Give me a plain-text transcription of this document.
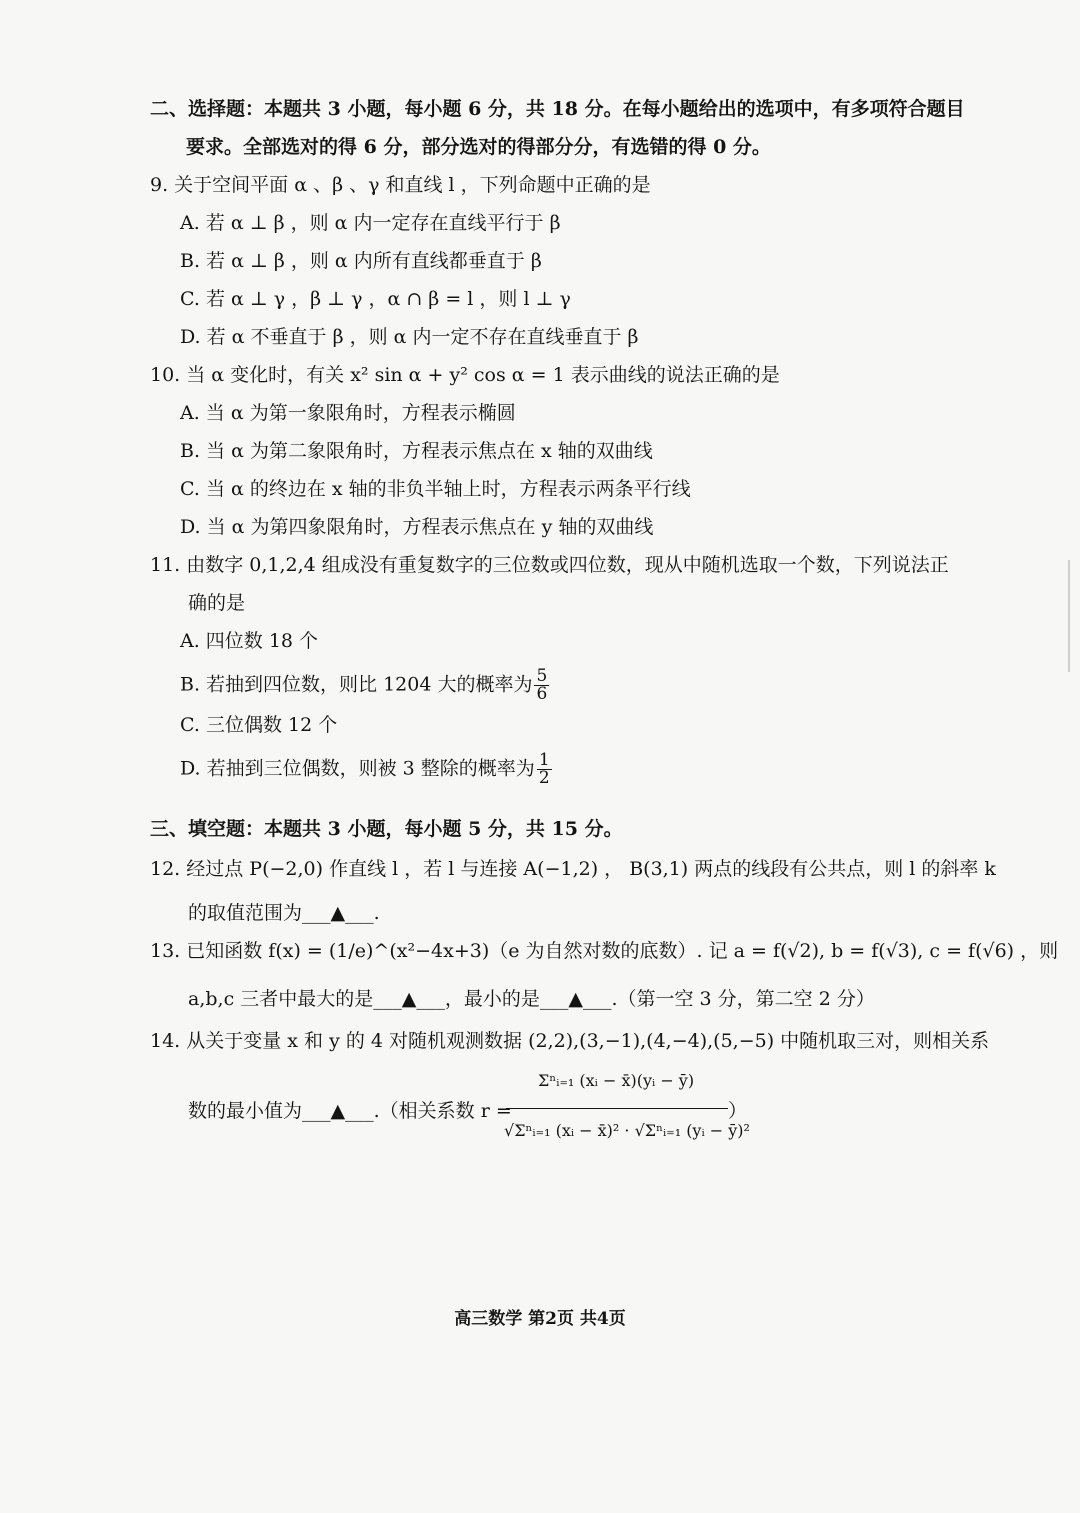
二、选择题：本题共 3 小题，每小题 6 分，共 18 分。在每小题给出的选项中，有多项符合题目
要求。全部选对的得 6 分，部分选对的得部分分，有选错的得 0 分。
9. 关于空间平面 α 、β 、γ 和直线 l ，下列命题中正确的是
A. 若 α ⊥ β ，则 α 内一定存在直线平行于 β
B. 若 α ⊥ β ，则 α 内所有直线都垂直于 β
C. 若 α ⊥ γ ，β ⊥ γ ，α ∩ β = l ，则 l ⊥ γ
D. 若 α 不垂直于 β ，则 α 内一定不存在直线垂直于 β
10. 当 α 变化时，有关 x² sin α + y² cos α = 1 表示曲线的说法正确的是
A. 当 α 为第一象限角时，方程表示椭圆
B. 当 α 为第二象限角时，方程表示焦点在 x 轴的双曲线
C. 当 α 的终边在 x 轴的非负半轴上时，方程表示两条平行线
D. 当 α 为第四象限角时，方程表示焦点在 y 轴的双曲线
11. 由数字 0,1,2,4 组成没有重复数字的三位数或四位数，现从中随机选取一个数，下列说法正
确的是
A. 四位数 18 个
B. 若抽到四位数，则比 1204 大的概率为 $\frac{5}{6}$
C. 三位偶数 12 个
D. 若抽到三位偶数，则被 3 整除的概率为 $\frac{1}{2}$
三、填空题：本题共 3 小题，每小题 5 分，共 15 分。
12. 经过点 P(−2,0) 作直线 l ，若 l 与连接 A(−1,2) ， B(3,1) 两点的线段有公共点，则 l 的斜率 k
的取值范围为___▲___.
13. 已知函数 f(x) = (1/e)^(x²−4x+3)（e 为自然对数的底数）. 记 a = f(√2), b = f(√3), c = f(√6) ，则
a,b,c 三者中最大的是___▲___，最小的是___▲___.（第一空 3 分，第二空 2 分）
14. 从关于变量 x 和 y 的 4 对随机观测数据 (2,2),(3,−1),(4,−4),(5,−5) 中随机取三对，则相关系
数的最小值为___▲___.（相关系数 r =
Σⁿᵢ₌₁ (xᵢ − x̄)(yᵢ − ȳ)
√Σⁿᵢ₌₁ (xᵢ − x̄)² · √Σⁿᵢ₌₁ (yᵢ − ȳ)²
）
高三数学 第2页 共4页
